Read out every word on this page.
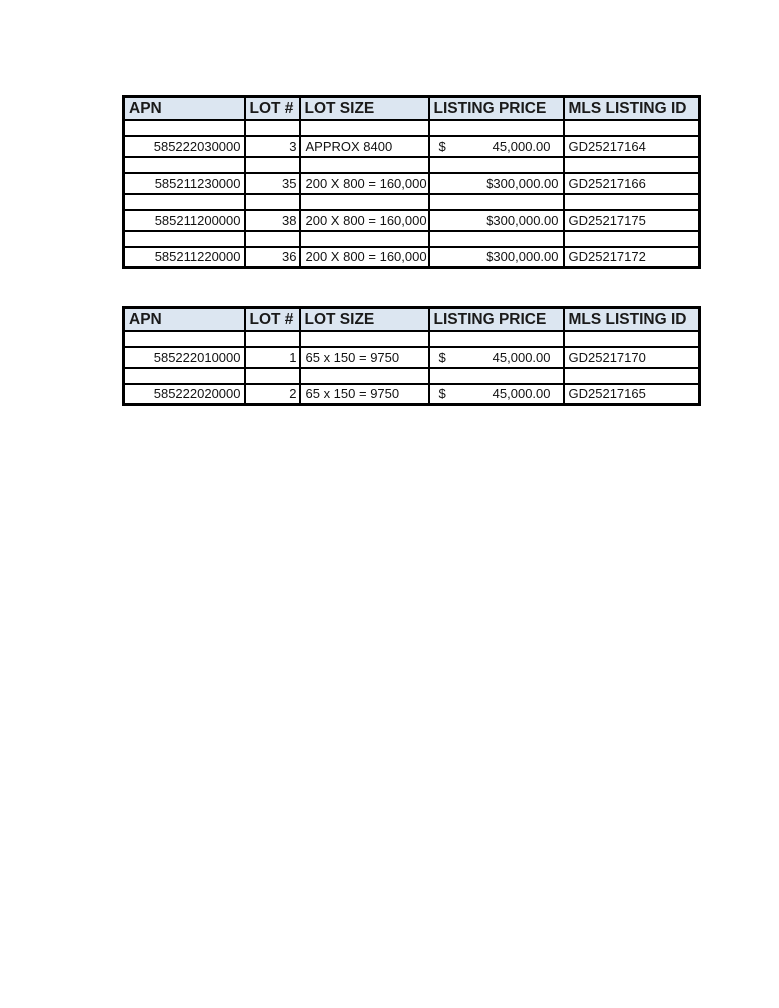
APN	LOT #	LOT SIZE	LISTING PRICE	MLS LISTING ID

585222030000	3	APPROX 8400	$ 45,000.00	GD25217164

585211230000	35	200 X 800 = 160,000	$300,000.00	GD25217166

585211200000	38	200 X 800 = 160,000	$300,000.00	GD25217175

585211220000	36	200 X 800 = 160,000	$300,000.00	GD25217172
APN	LOT #	LOT SIZE	LISTING PRICE	MLS LISTING ID

585222010000	1	65 x 150 = 9750	$ 45,000.00	GD25217170

585222020000	2	65 x 150 = 9750	$ 45,000.00	GD25217165
